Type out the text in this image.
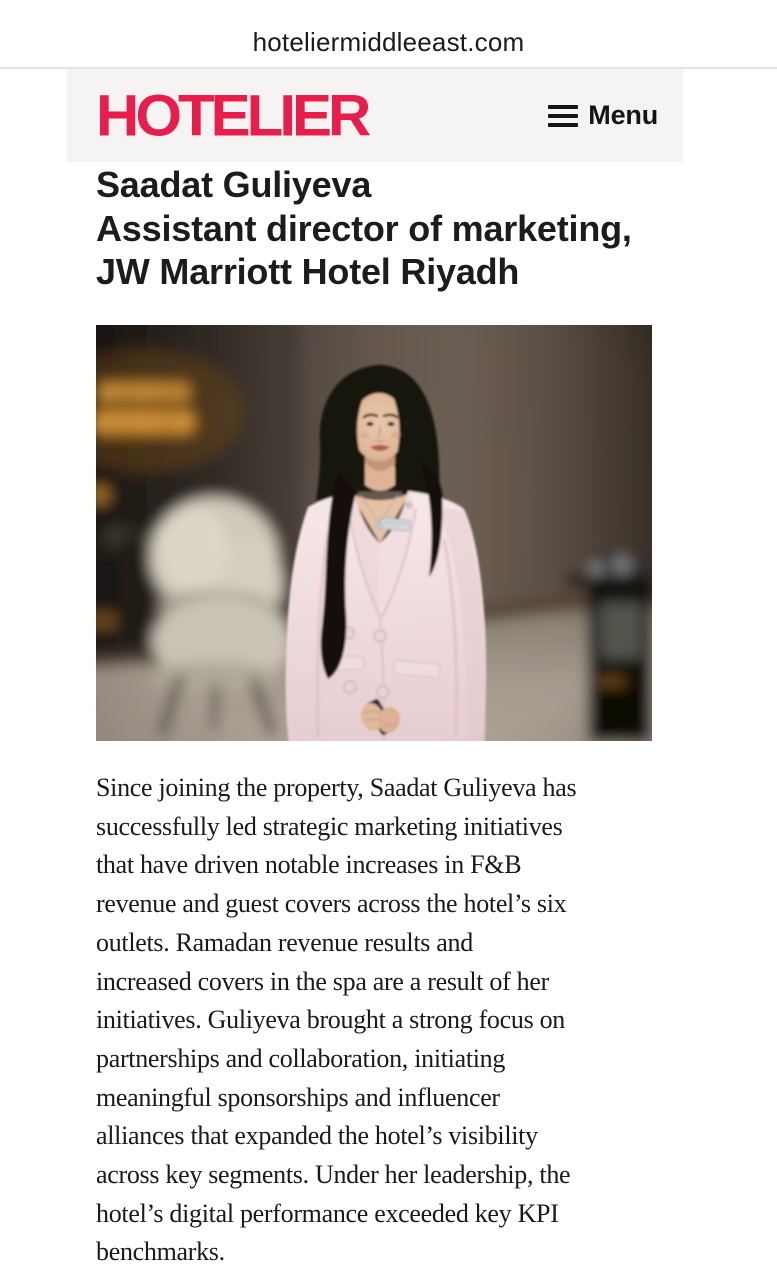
hoteliermiddleeast.com
HOTELIER	Menu
Saadat Guliyeva
Assistant director of marketing,
JW Marriott Hotel Riyadh
Since joining the property, Saadat Guliyeva has
successfully led strategic marketing initiatives
that have driven notable increases in F&B
revenue and guest covers across the hotel’s six
outlets. Ramadan revenue results and
increased covers in the spa are a result of her
initiatives. Guliyeva brought a strong focus on
partnerships and collaboration, initiating
meaningful sponsorships and influencer
alliances that expanded the hotel’s visibility
across key segments. Under her leadership, the
hotel’s digital performance exceeded key KPI
benchmarks.
